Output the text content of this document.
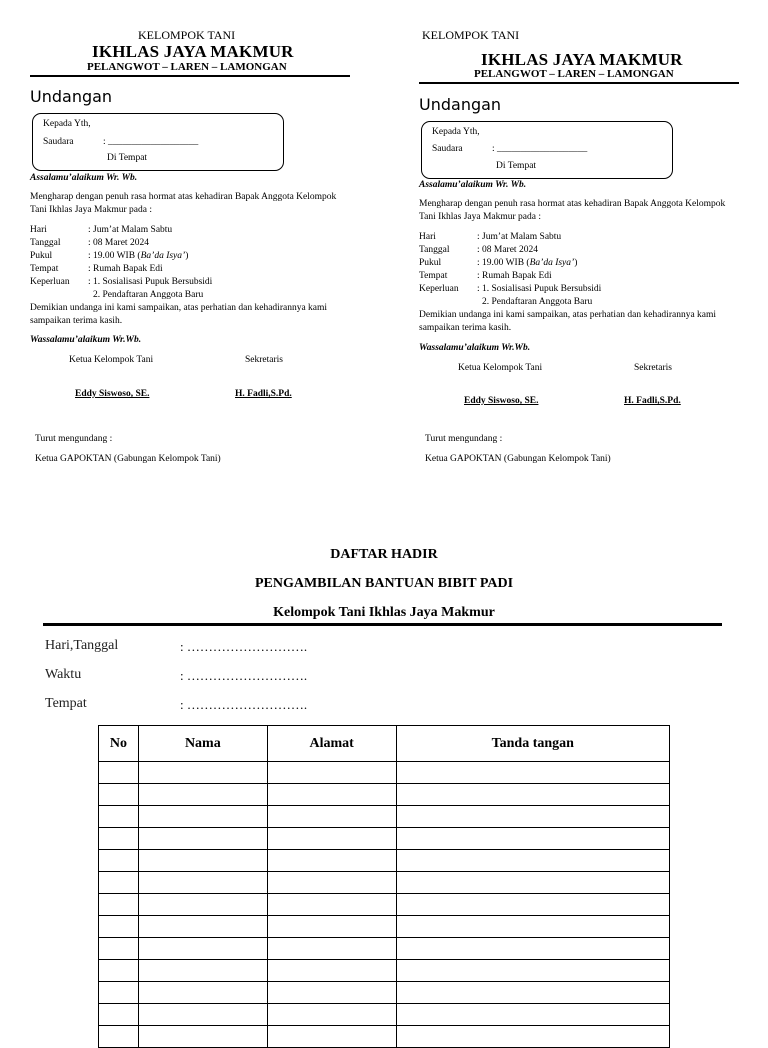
KELOMPOK TANI
IKHLAS JAYA MAKMUR
PELANGWOT – LAREN – LAMONGAN
Undangan
Kepada Yth,
Saudara	: ___________________
Di Tempat
Assalamu’alaikum Wr. Wb.
Mengharap dengan penuh rasa hormat atas kehadiran Bapak Anggota Kelompok
Tani Ikhlas Jaya Makmur pada :
Hari	: Jum’at Malam Sabtu
Tanggal	: 08 Maret 2024
Pukul	: 19.00 WIB (Ba’da Isya’)
Tempat	: Rumah Bapak Edi
Keperluan : 1. Sosialisasi Pupuk Bersubsidi
2. Pendaftaran Anggota Baru
Demikian undanga ini kami sampaikan, atas perhatian dan kehadirannya kami
sampaikan terima kasih.
Wassalamu’alaikum Wr.Wb.
Ketua Kelompok Tani	Sekretaris
Eddy Siswoso, SE.	H. Fadli,S.Pd.
Turut mengundang :
Ketua GAPOKTAN (Gabungan Kelompok Tani)
KELOMPOK TANI
IKHLAS JAYA MAKMUR
PELANGWOT – LAREN – LAMONGAN
Undangan
Kepada Yth,
Saudara	: ___________________
Di Tempat
Assalamu’alaikum Wr. Wb.
Mengharap dengan penuh rasa hormat atas kehadiran Bapak Anggota Kelompok
Tani Ikhlas Jaya Makmur pada :
Hari	: Jum’at Malam Sabtu
Tanggal	: 08 Maret 2024
Pukul	: 19.00 WIB (Ba’da Isya’)
Tempat	: Rumah Bapak Edi
Keperluan : 1. Sosialisasi Pupuk Bersubsidi
2. Pendaftaran Anggota Baru
Demikian undanga ini kami sampaikan, atas perhatian dan kehadirannya kami
sampaikan terima kasih.
Wassalamu’alaikum Wr.Wb.
Ketua Kelompok Tani	Sekretaris
Eddy Siswoso, SE.	H. Fadli,S.Pd.
Turut mengundang :
Ketua GAPOKTAN (Gabungan Kelompok Tani)
DAFTAR HADIR
PENGAMBILAN BANTUAN BIBIT PADI
Kelompok Tani Ikhlas Jaya Makmur
Hari,Tanggal	: ……………………….
Waktu	: ……………………….
Tempat	: ……………………….
No	Nama	Alamat	Tanda tangan
